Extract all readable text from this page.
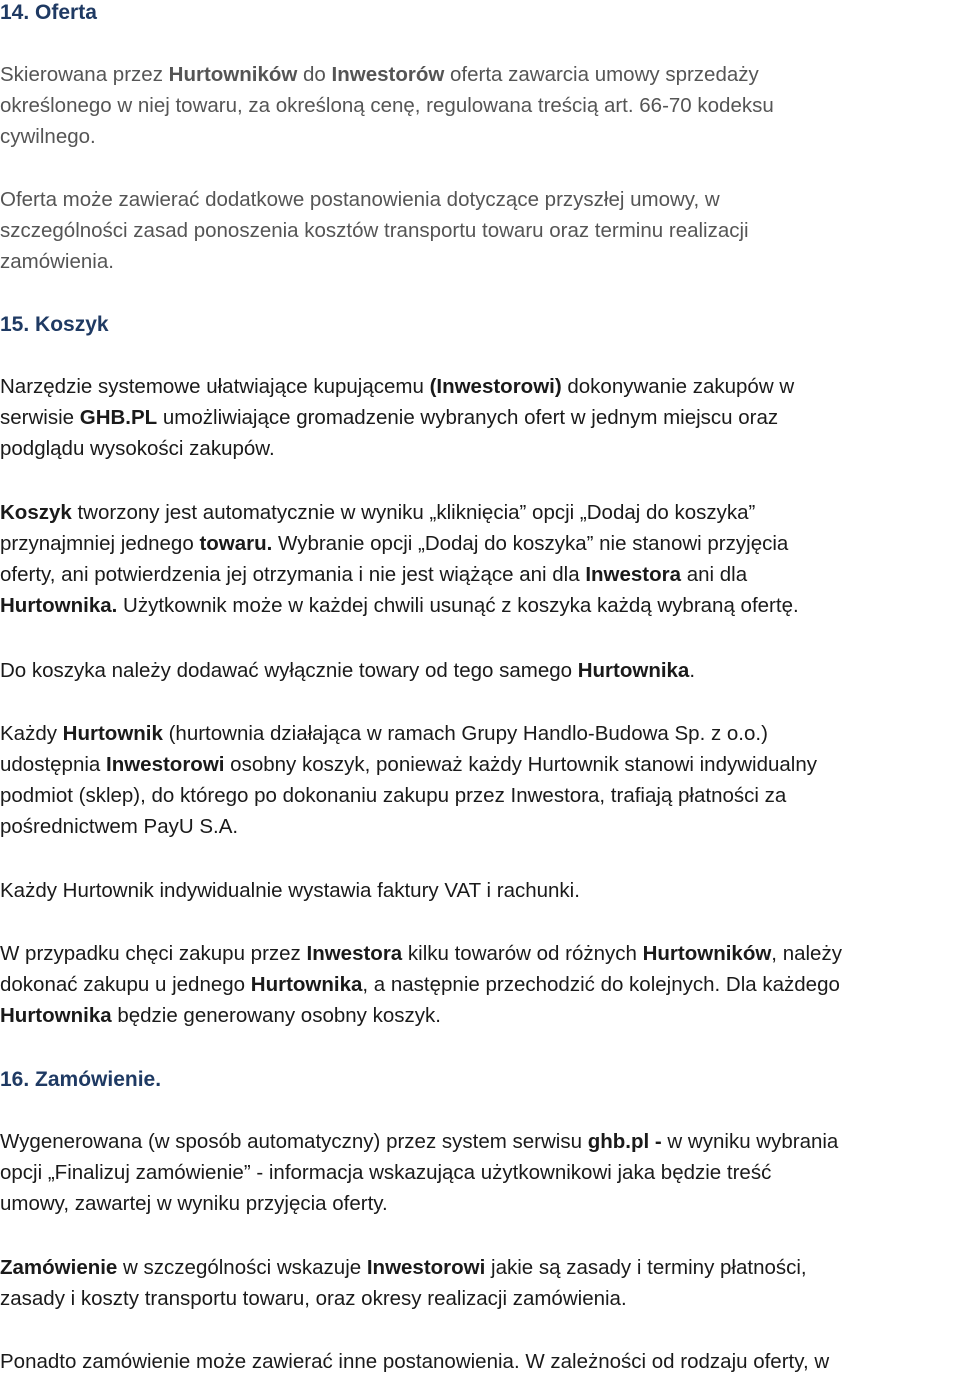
14. Oferta
Skierowana przez Hurtowników do Inwestorów oferta zawarcia umowy sprzedaży
określonego w niej towaru, za określoną cenę, regulowana treścią art. 66-70 kodeksu
cywilnego.
Oferta może zawierać dodatkowe postanowienia dotyczące przyszłej umowy, w
szczególności zasad ponoszenia kosztów transportu towaru oraz terminu realizacji
zamówienia.
15. Koszyk
Narzędzie systemowe ułatwiające kupującemu (Inwestorowi) dokonywanie zakupów w
serwisie GHB.PL umożliwiające gromadzenie wybranych ofert w jednym miejscu oraz
podglądu wysokości zakupów.
Koszyk tworzony jest automatycznie w wyniku „kliknięcia” opcji „Dodaj do koszyka”
przynajmniej jednego towaru. Wybranie opcji „Dodaj do koszyka” nie stanowi przyjęcia
oferty, ani potwierdzenia jej otrzymania i nie jest wiążące ani dla Inwestora ani dla
Hurtownika. Użytkownik może w każdej chwili usunąć z koszyka każdą wybraną ofertę.
Do koszyka należy dodawać wyłącznie towary od tego samego Hurtownika.
Każdy Hurtownik (hurtownia działająca w ramach Grupy Handlo-Budowa Sp. z o.o.)
udostępnia Inwestorowi osobny koszyk, ponieważ każdy Hurtownik stanowi indywidualny
podmiot (sklep), do którego po dokonaniu zakupu przez Inwestora, trafiają płatności za
pośrednictwem PayU S.A.
Każdy Hurtownik indywidualnie wystawia faktury VAT i rachunki.
W przypadku chęci zakupu przez Inwestora kilku towarów od różnych Hurtowników, należy
dokonać zakupu u jednego Hurtownika, a następnie przechodzić do kolejnych. Dla każdego
Hurtownika będzie generowany osobny koszyk.
16. Zamówienie.
Wygenerowana (w sposób automatyczny) przez system serwisu ghb.pl - w wyniku wybrania
opcji „Finalizuj zamówienie” - informacja wskazująca użytkownikowi jaka będzie treść
umowy, zawartej w wyniku przyjęcia oferty.
Zamówienie w szczególności wskazuje Inwestorowi jakie są zasady i terminy płatności,
zasady i koszty transportu towaru, oraz okresy realizacji zamówienia.
Ponadto zamówienie może zawierać inne postanowienia. W zależności od rodzaju oferty, w
